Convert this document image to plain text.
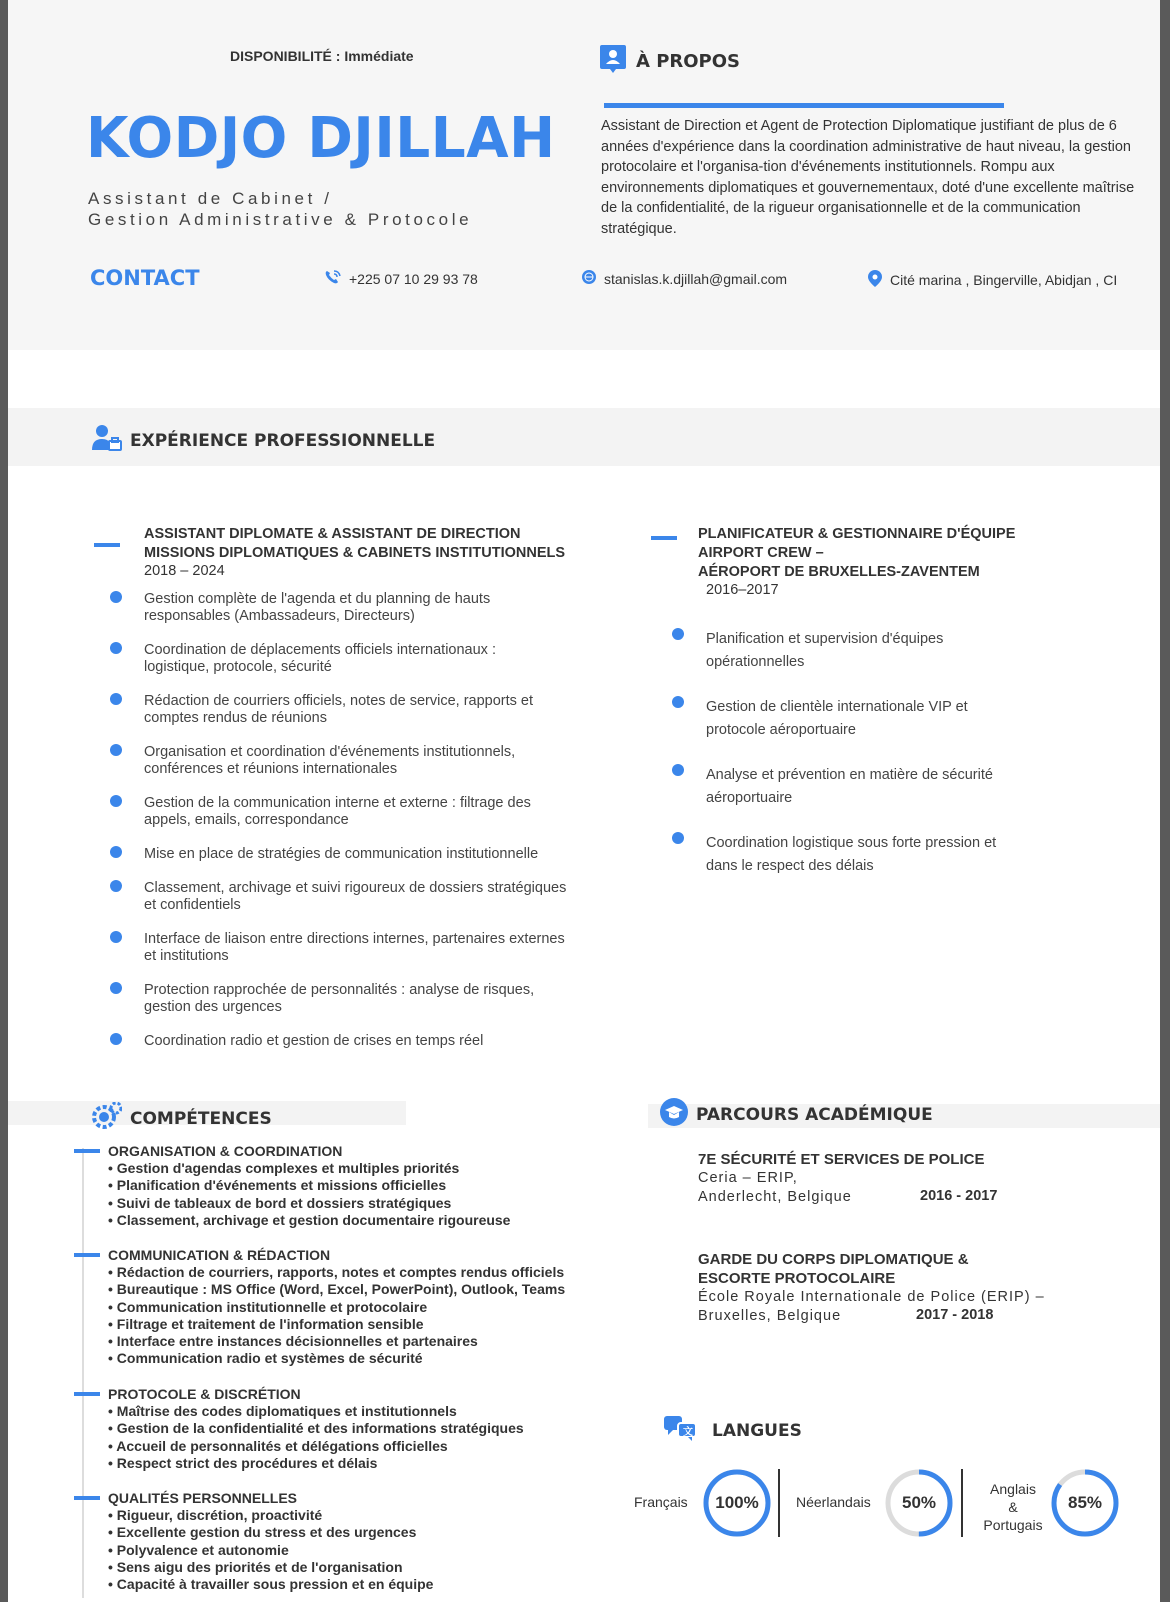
DISPONIBILITÉ : Immédiate
KODJO DJILLAH
Assistant de Cabinet /
Gestion Administrative & Protocole
À PROPOS
Assistant de Direction et Agent de Protection Diplomatique justifiant de plus de 6 années d'expérience dans la coordination administrative de haut niveau, la gestion protocolaire et l'organisa-tion d'événements institutionnels. Rompu aux environnements diplomatiques et gouvernementaux, doté d'une excellente maîtrise de la confidentialité, de la rigueur organisationnelle et de la communication stratégique.
CONTACT	+225 07 10 29 93 78	stanislas.k.djillah@gmail.com	Cité marina , Bingerville, Abidjan , CI
EXPÉRIENCE PROFESSIONNELLE
ASSISTANT DIPLOMATE & ASSISTANT DE DIRECTION
MISSIONS DIPLOMATIQUES & CABINETS INSTITUTIONNELS
2018 – 2024
Gestion complète de l'agenda et du planning de hauts
responsables (Ambassadeurs, Directeurs)
Coordination de déplacements officiels internationaux :
logistique, protocole, sécurité
Rédaction de courriers officiels, notes de service, rapports et
comptes rendus de réunions
Organisation et coordination d'événements institutionnels,
conférences et réunions internationales
Gestion de la communication interne et externe : filtrage des
appels, emails, correspondance
Mise en place de stratégies de communication institutionnelle
Classement, archivage et suivi rigoureux de dossiers stratégiques
et confidentiels
Interface de liaison entre directions internes, partenaires externes
et institutions
Protection rapprochée de personnalités : analyse de risques,
gestion des urgences
Coordination radio et gestion de crises en temps réel
PLANIFICATEUR & GESTIONNAIRE D'ÉQUIPE
AIRPORT CREW –
AÉROPORT DE BRUXELLES-ZAVENTEM
2016–2017
Planification et supervision d'équipes
opérationnelles
Gestion de clientèle internationale VIP et
protocole aéroportuaire
Analyse et prévention en matière de sécurité
aéroportuaire
Coordination logistique sous forte pression et
dans le respect des délais
COMPÉTENCES
ORGANISATION & COORDINATION
• Gestion d'agendas complexes et multiples priorités
• Planification d'événements et missions officielles
• Suivi de tableaux de bord et dossiers stratégiques
• Classement, archivage et gestion documentaire rigoureuse
COMMUNICATION & RÉDACTION
• Rédaction de courriers, rapports, notes et comptes rendus officiels
• Bureautique : MS Office (Word, Excel, PowerPoint), Outlook, Teams
• Communication institutionnelle et protocolaire
• Filtrage et traitement de l'information sensible
• Interface entre instances décisionnelles et partenaires
• Communication radio et systèmes de sécurité
PROTOCOLE & DISCRÉTION
• Maîtrise des codes diplomatiques et institutionnels
• Gestion de la confidentialité et des informations stratégiques
• Accueil de personnalités et délégations officielles
• Respect strict des procédures et délais
QUALITÉS PERSONNELLES
• Rigueur, discrétion, proactivité
• Excellente gestion du stress et des urgences
• Polyvalence et autonomie
• Sens aigu des priorités et de l'organisation
• Capacité à travailler sous pression et en équipe
PARCOURS ACADÉMIQUE
7E SÉCURITÉ ET SERVICES DE POLICE
Ceria – ERIP,
Anderlecht, Belgique	2016 - 2017
GARDE DU CORPS DIPLOMATIQUE &
ESCORTE PROTOCOLAIRE
École Royale Internationale de Police (ERIP) –
Bruxelles, Belgique	2017 - 2018
文 LANGUES
Français	100%	Néerlandais	50%
Anglais
&
Portugais
85%
